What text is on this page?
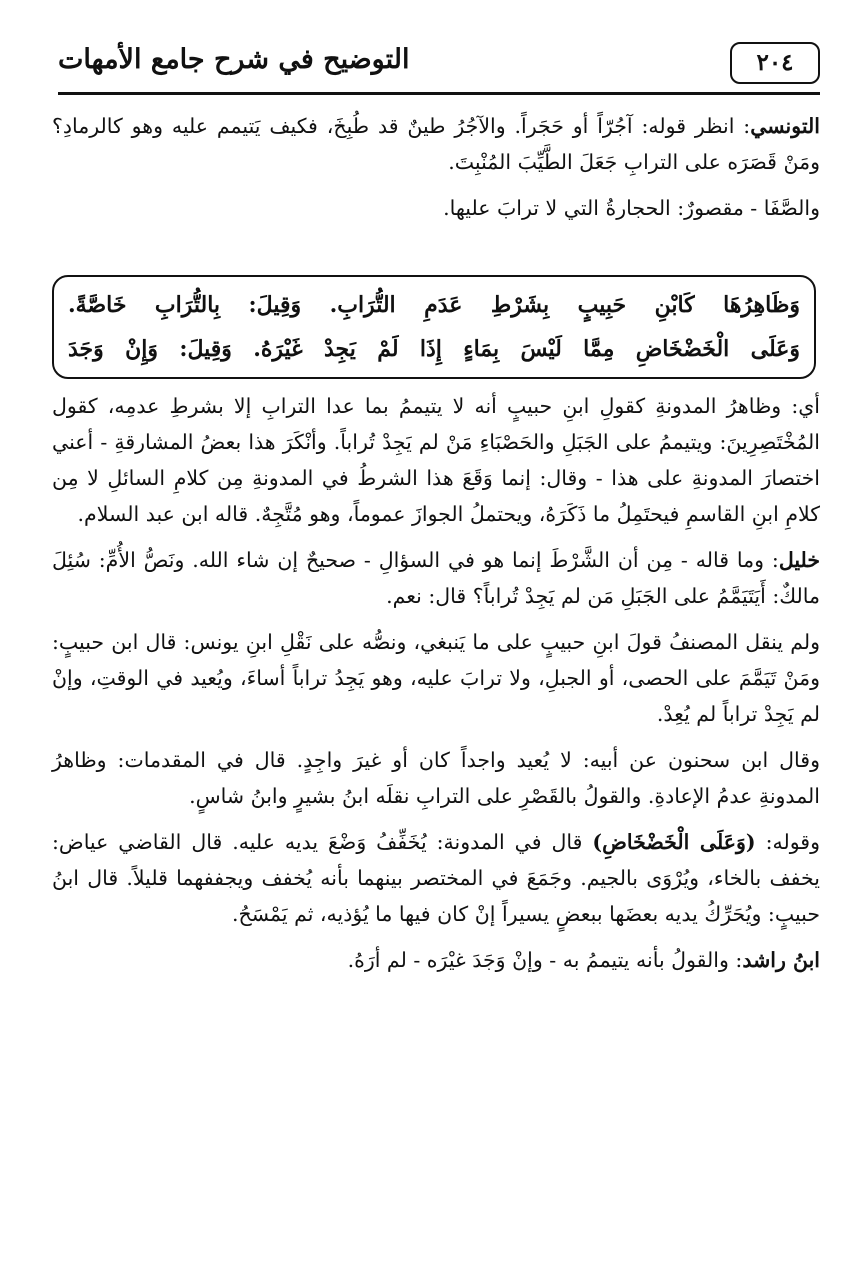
التوضيح في شرح جامع الأمهات	٢٠٤

التونسي: انظر قوله: آجُرّاً أو حَجَراً. والآجُرُ طينٌ قد طُبِخَ، فكيف يَتيمم عليه وهو كالرمادِ؟ ومَنْ قَصَرَه على الترابِ جَعَلَ الطَّيِّبَ المُنْبِتَ.

والصَّفَا - مقصورٌ: الحجارةُ التي لا ترابَ عليها.

وَظَاهِرُهَا كَابْنِ حَبِيبٍ بِشَرْطِ عَدَمِ التُّرَابِ. وَقِيلَ: بِالتُّرَابِ خَاصَّةً.
وَعَلَى الْخَضْخَاضِ مِمَّا لَيْسَ بِمَاءٍ إِذَا لَمْ يَجِدْ غَيْرَهُ. وَقِيلَ: وَإِنْ وَجَدَ

أي: وظاهرُ المدونةِ كقولِ ابنِ حبيبٍ أنه لا يتيممُ بما عدا الترابِ إلا بشرطِ عدمِه، كقول المُخْتَصِرِينَ: ويتيممُ على الجَبَلِ والحَصْبَاءِ مَنْ لم يَجِدْ تُراباً. وأنْكَرَ هذا بعضُ المشارقةِ - أعني اختصارَ المدونةِ على هذا - وقال: إنما وَقَعَ هذا الشرطُ في المدونةِ مِن كلامِ السائلِ لا مِن كلامِ ابنِ القاسمِ فيحتَمِلُ ما ذَكَرَهُ، ويحتملُ الجوازَ عموماً، وهو مُتَّجِهٌ. قاله ابن عبد السلام.

خليل: وما قاله - مِن أن الشَّرْطَ إنما هو في السؤالِ - صحيحٌ إن شاء الله. ونَصُّ الأُمِّ: سُئِلَ مالكٌ: أَيَتَيَمَّمُ على الجَبَلِ مَن لم يَجِدْ تُراباً؟ قال: نعم.

ولم ينقل المصنفُ قولَ ابنِ حبيبٍ على ما يَنبغي، ونصُّه على نَقْلِ ابنِ يونس: قال ابن حبيبٍ: ومَنْ تَيَمَّمَ على الحصى، أو الجبلِ، ولا ترابَ عليه، وهو يَجِدُ تراباً أساءَ، ويُعيد في الوقتِ، وإنْ لم يَجِدْ تراباً لم يُعِدْ.

وقال ابن سحنون عن أبيه: لا يُعيد واجداً كان أو غيرَ واجِدٍ. قال في المقدمات: وظاهرُ المدونةِ عدمُ الإعادةِ. والقولُ بالقَصْرِ على الترابِ نقلَه ابنُ بشيرٍ وابنُ شاسٍ.

وقوله: (وَعَلَى الْخَضْخَاضِ) قال في المدونة: يُخَفِّفُ وَضْعَ يديه عليه. قال القاضي عياض: يخفف بالخاء، ويُرْوَى بالجيم. وجَمَعَ في المختصر بينهما بأنه يُخفف ويجففهما قليلاً. قال ابنُ حبيبٍ: ويُحَرِّكُ يديه بعضَها ببعضٍ يسيراً إنْ كان فيها ما يُؤذيه، ثم يَمْسَحُ.

ابنُ راشد: والقولُ بأنه يتيممُ به - وإنْ وَجَدَ غيْرَه - لم أرَهُ.
